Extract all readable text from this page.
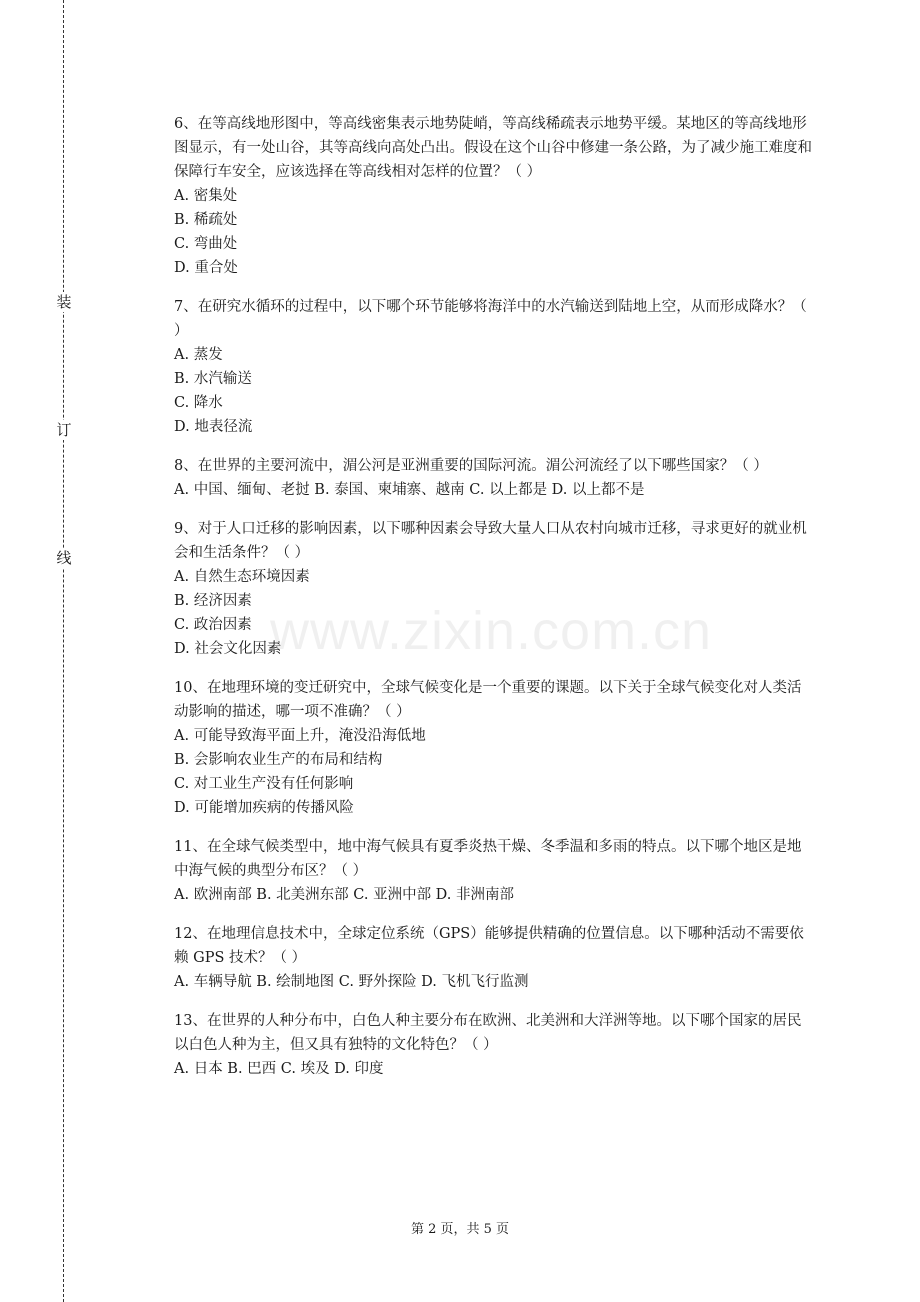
装
订
线
www.zixin.com.cn

6、在等高线地形图中，等高线密集表示地势陡峭，等高线稀疏表示地势平缓。某地区的等高线地形图显示，有一处山谷，其等高线向高处凸出。假设在这个山谷中修建一条公路，为了减少施工难度和保障行车安全，应该选择在等高线相对怎样的位置？（ ）

A. 密集处

B. 稀疏处

C. 弯曲处

D. 重合处

7、在研究水循环的过程中，以下哪个环节能够将海洋中的水汽输送到陆地上空，从而形成降水？（ ）

A. 蒸发

B. 水汽输送

C. 降水

D. 地表径流

8、在世界的主要河流中，湄公河是亚洲重要的国际河流。湄公河流经了以下哪些国家？（ ）

A. 中国、缅甸、老挝 B. 泰国、柬埔寨、越南 C. 以上都是 D. 以上都不是

9、对于人口迁移的影响因素，以下哪种因素会导致大量人口从农村向城市迁移，寻求更好的就业机会和生活条件？（ ）

A. 自然生态环境因素

B. 经济因素

C. 政治因素

D. 社会文化因素

10、在地理环境的变迁研究中，全球气候变化是一个重要的课题。以下关于全球气候变化对人类活动影响的描述，哪一项不准确？（ ）

A. 可能导致海平面上升，淹没沿海低地

B. 会影响农业生产的布局和结构

C. 对工业生产没有任何影响

D. 可能增加疾病的传播风险

11、在全球气候类型中，地中海气候具有夏季炎热干燥、冬季温和多雨的特点。以下哪个地区是地中海气候的典型分布区？（ ）

A. 欧洲南部 B. 北美洲东部 C. 亚洲中部 D. 非洲南部

12、在地理信息技术中，全球定位系统（GPS）能够提供精确的位置信息。以下哪种活动不需要依赖 GPS 技术？（ ）

A. 车辆导航 B. 绘制地图 C. 野外探险 D. 飞机飞行监测

13、在世界的人种分布中，白色人种主要分布在欧洲、北美洲和大洋洲等地。以下哪个国家的居民以白色人种为主，但又具有独特的文化特色？（ ）

A. 日本 B. 巴西 C. 埃及 D. 印度

第 2 页，共 5 页
